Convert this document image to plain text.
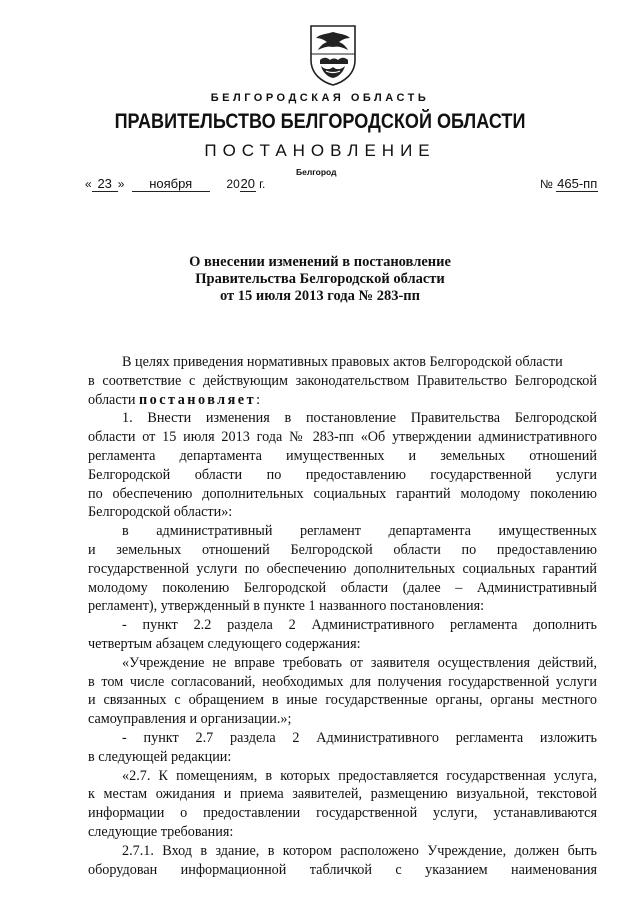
БЕЛГОРОДСКАЯ ОБЛАСТЬ
ПРАВИТЕЛЬСТВО БЕЛГОРОДСКОЙ ОБЛАСТИ
ПОСТАНОВЛЕНИЕ
Белгород
« 23 » ноября	2020 г.	№ 465-пп
О внесении изменений в постановление
Правительства Белгородской области
от 15 июля 2013 года № 283-пп
В целях приведения нормативных правовых актов Белгородской области
в соответствие с действующим законодательством Правительство Белгородской
области постановляет:
1. Внести изменения в постановление Правительства Белгородской
области от 15 июля 2013 года № 283-пп «Об утверждении административного
регламента департамента имущественных и земельных отношений
Белгородской области по предоставлению государственной услуги
по обеспечению дополнительных социальных гарантий молодому поколению
Белгородской области»:
в административный регламент департамента имущественных
и земельных отношений Белгородской области по предоставлению
государственной услуги по обеспечению дополнительных социальных гарантий
молодому поколению Белгородской области (далее – Административный
регламент), утвержденный в пункте 1 названного постановления:
- пункт 2.2 раздела 2 Административного регламента дополнить
четвертым абзацем следующего содержания:
«Учреждение не вправе требовать от заявителя осуществления действий,
в том числе согласований, необходимых для получения государственной услуги
и связанных с обращением в иные государственные органы, органы местного
самоуправления и организации.»;
- пункт 2.7 раздела 2 Административного регламента изложить
в следующей редакции:
«2.7. К помещениям, в которых предоставляется государственная услуга,
к местам ожидания и приема заявителей, размещению визуальной, текстовой
информации о предоставлении государственной услуги, устанавливаются
следующие требования:
2.7.1. Вход в здание, в котором расположено Учреждение, должен быть
оборудован информационной табличкой с указанием наименования
